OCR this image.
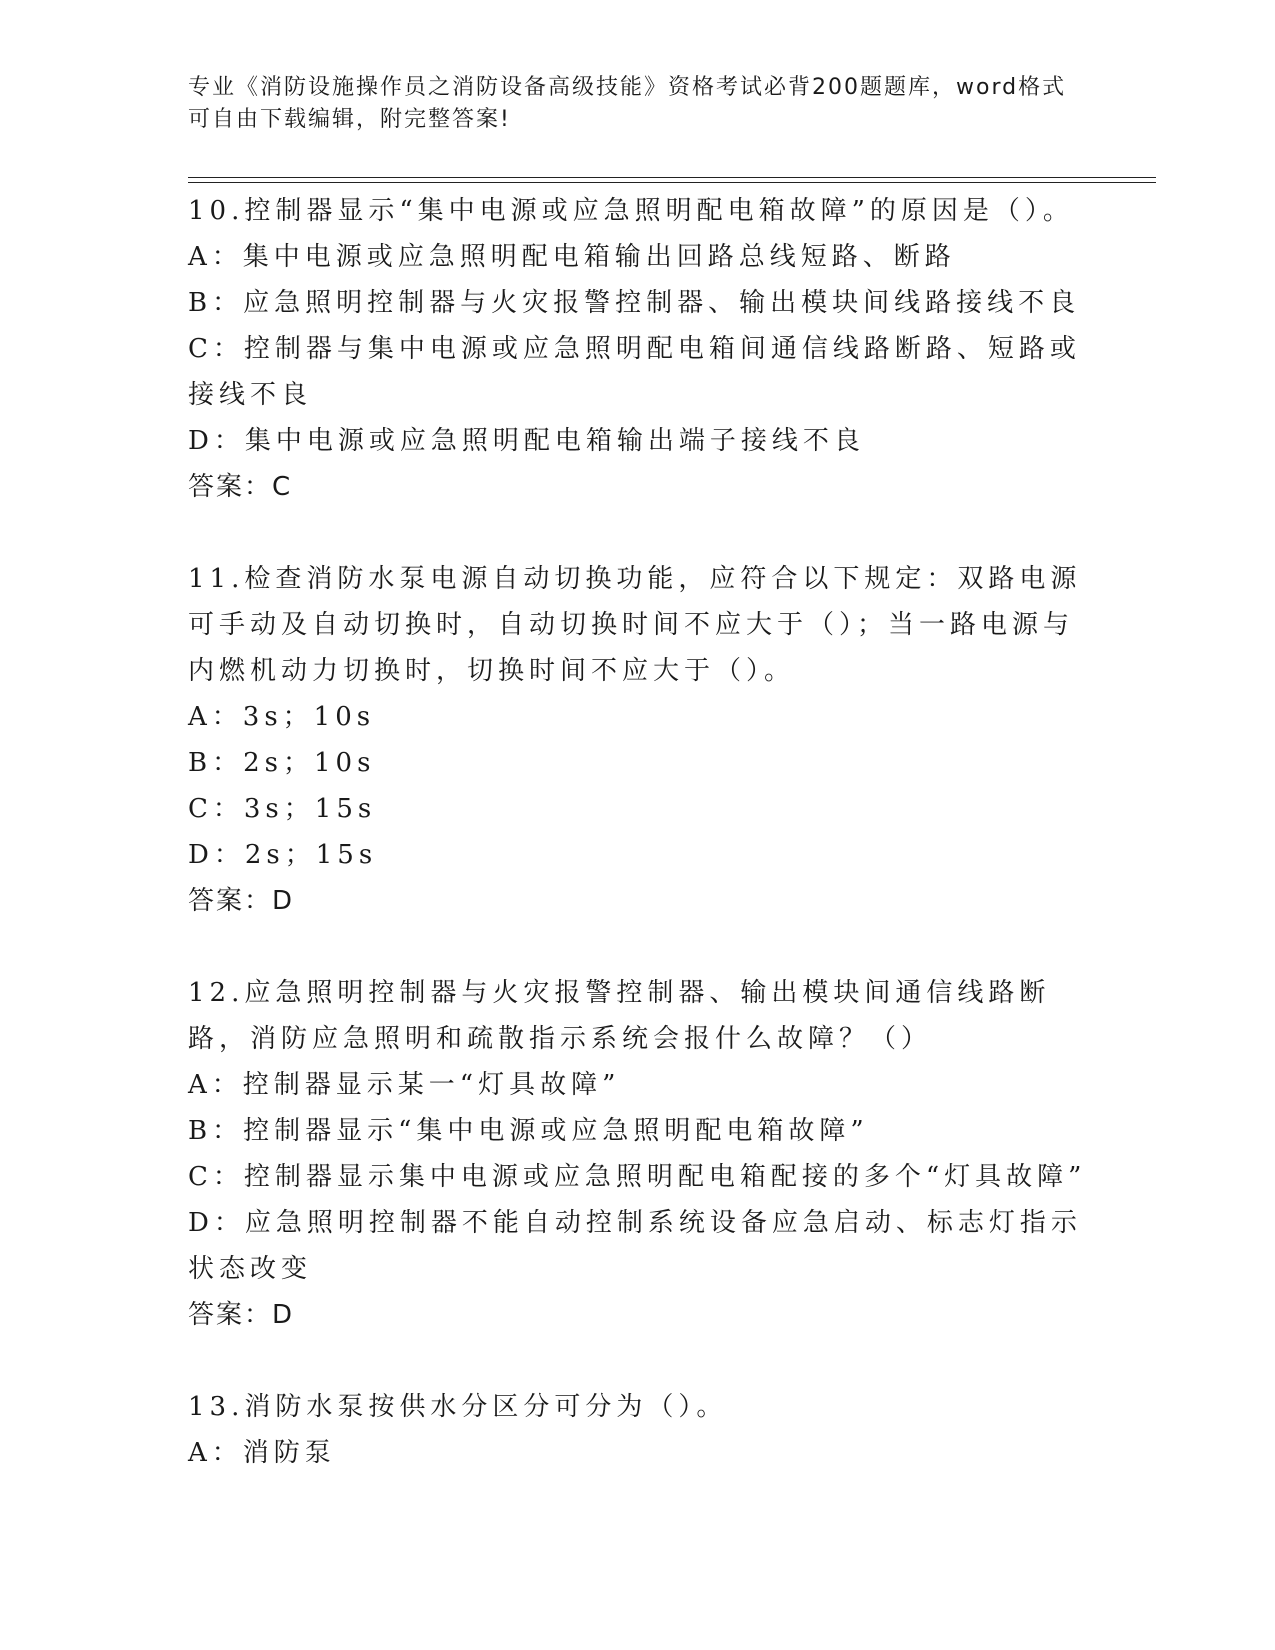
专业《消防设施操作员之消防设备高级技能》资格考试必背200题题库，word格式可自由下载编辑，附完整答案!
10.控制器显示“集中电源或应急照明配电箱故障”的原因是（）。
A：集中电源或应急照明配电箱输出回路总线短路、断路
B：应急照明控制器与火灾报警控制器、输出模块间线路接线不良
C：控制器与集中电源或应急照明配电箱间通信线路断路、短路或接线不良
D：集中电源或应急照明配电箱输出端子接线不良
答案：C
11.检查消防水泵电源自动切换功能，应符合以下规定：双路电源可手动及自动切换时，自动切换时间不应大于（）；当一路电源与内燃机动力切换时，切换时间不应大于（）。
A：3s；10s
B：2s；10s
C：3s；15s
D：2s；15s
答案：D
12.应急照明控制器与火灾报警控制器、输出模块间通信线路断路，消防应急照明和疏散指示系统会报什么故障？（）
A：控制器显示某一“灯具故障”
B：控制器显示“集中电源或应急照明配电箱故障”
C：控制器显示集中电源或应急照明配电箱配接的多个“灯具故障”
D：应急照明控制器不能自动控制系统设备应急启动、标志灯指示状态改变
答案：D
13.消防水泵按供水分区分可分为（）。
A：消防泵
